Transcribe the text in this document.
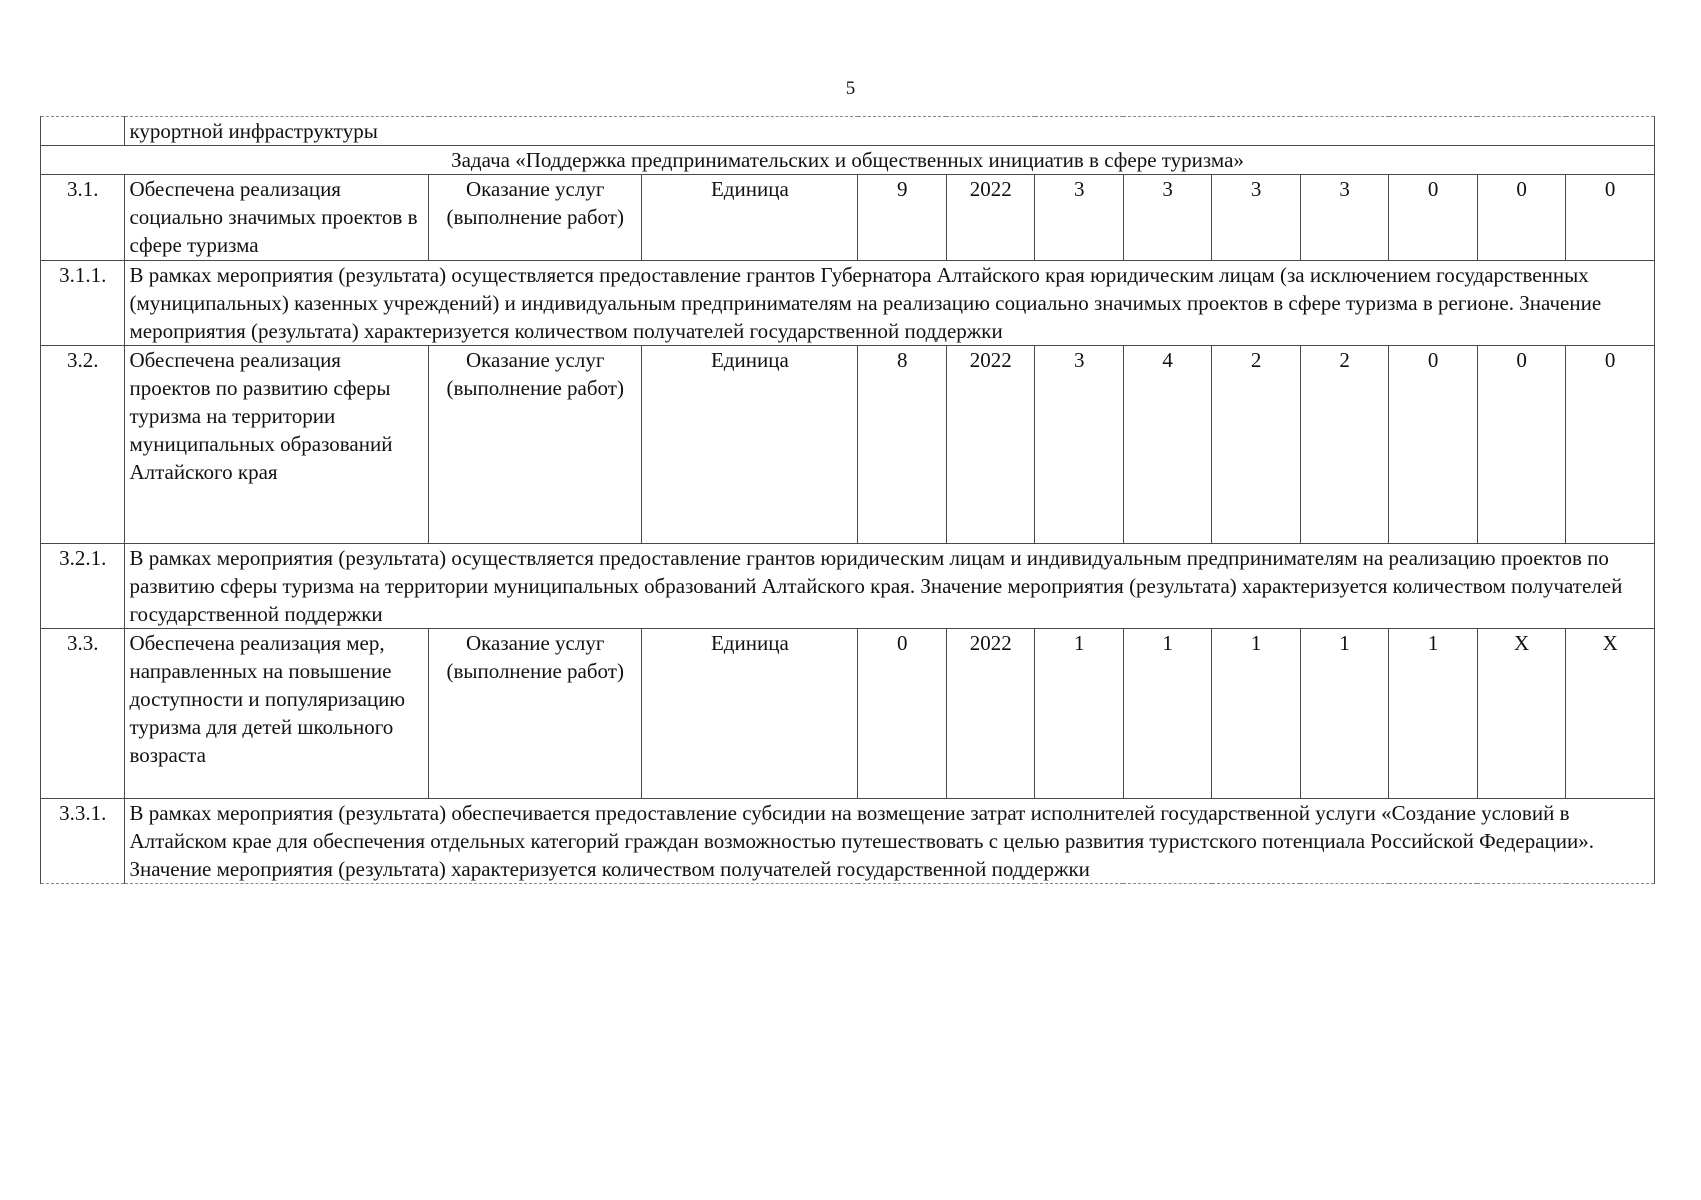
5
	курортной инфраструктуры											
Задача «Поддержка предпринимательских и общественных инициатив в сфере туризма»												
3.1.	Обеспечена реализация социально значимых проектов в сфере туризма	Оказание услуг (выполнение работ)	Единица	9	2022	3	3	3	3	0	0	0
3.1.1.	В рамках мероприятия (результата) осуществляется предоставление грантов Губернатора Алтайского края юридическим лицам (за исключением государственных (муниципальных) казенных учреждений) и индивидуальным предпринимателям на реализацию социально значимых проектов в сфере туризма в регионе. Значение мероприятия (результата) характеризуется количеством получателей государственной поддержки											
3.2.	Обеспечена реализация проектов по развитию сферы туризма на территории муниципальных образований Алтайского края	Оказание услуг (выполнение работ)	Единица	8	2022	3	4	2	2	0	0	0
3.2.1.	В рамках мероприятия (результата) осуществляется предоставление грантов юридическим лицам и индивидуальным предпринимателям на реализацию проектов по развитию сферы туризма на территории муниципальных образований Алтайского края. Значение мероприятия (результата) характеризуется количеством получателей государственной поддержки											
3.3.	Обеспечена реализация мер, направленных на повышение доступности и популяризацию туризма для детей школьного возраста	Оказание услуг (выполнение работ)	Единица	0	2022	1	1	1	1	1	X	X
3.3.1.	В рамках мероприятия (результата) обеспечивается предоставление субсидии на возмещение затрат исполнителей государственной услуги «Создание условий в Алтайском крае для обеспечения отдельных категорий граждан возможностью путешествовать с целью развития туристского потенциала Российской Федерации». Значение мероприятия (результата) характеризуется количеством получателей государственной поддержки											
